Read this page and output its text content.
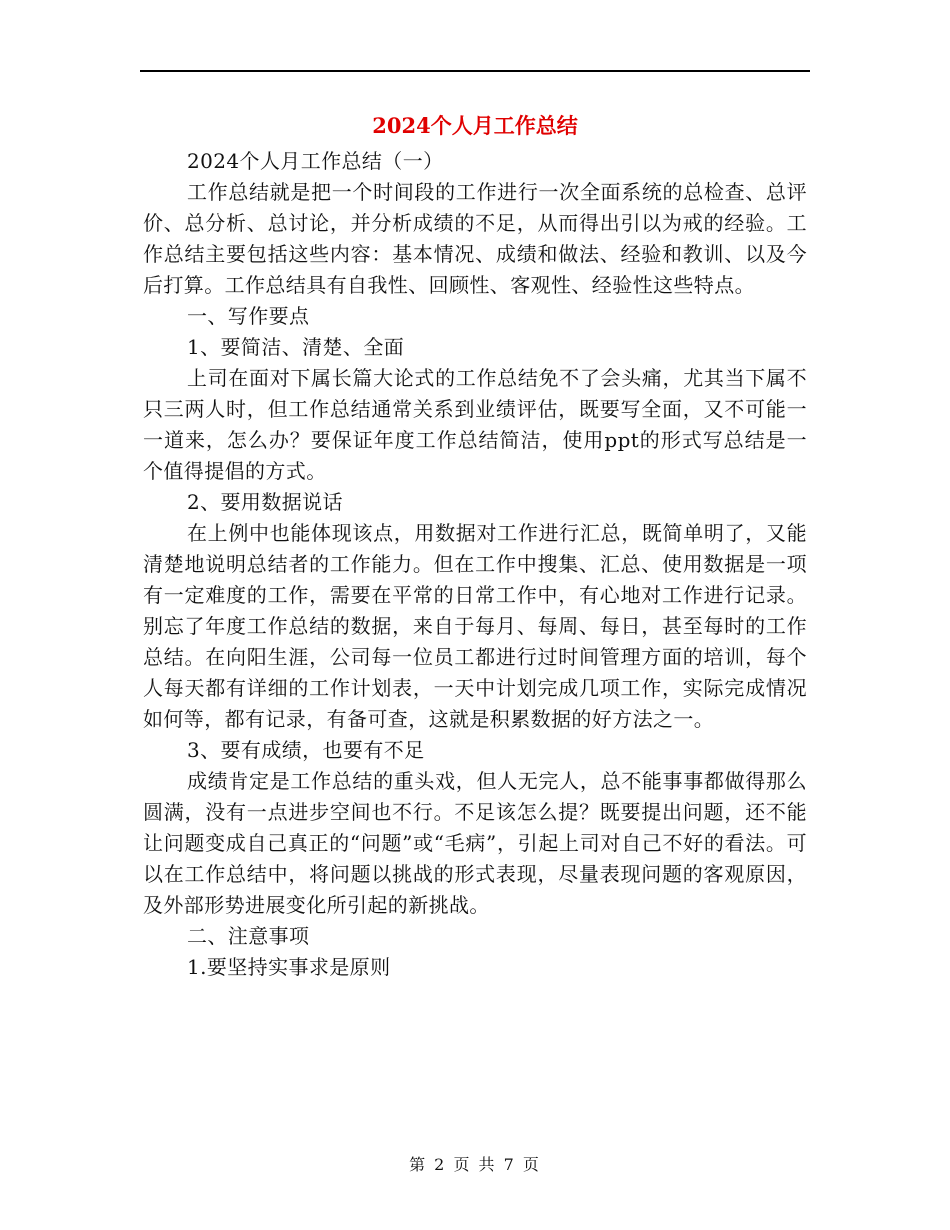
2024个人月工作总结

2024个人月工作总结（一）

工作总结就是把一个时间段的工作进行一次全面系统的总检查、总评价、总分析、总讨论，并分析成绩的不足，从而得出引以为戒的经验。工作总结主要包括这些内容：基本情况、成绩和做法、经验和教训、以及今后打算。工作总结具有自我性、回顾性、客观性、经验性这些特点。

一、写作要点

1、要简洁、清楚、全面

上司在面对下属长篇大论式的工作总结免不了会头痛，尤其当下属不只三两人时，但工作总结通常关系到业绩评估，既要写全面，又不可能一一道来，怎么办？要保证年度工作总结简洁，使用ppt的形式写总结是一个值得提倡的方式。

2、要用数据说话

在上例中也能体现该点，用数据对工作进行汇总，既简单明了，又能清楚地说明总结者的工作能力。但在工作中搜集、汇总、使用数据是一项有一定难度的工作，需要在平常的日常工作中，有心地对工作进行记录。别忘了年度工作总结的数据，来自于每月、每周、每日，甚至每时的工作总结。在向阳生涯，公司每一位员工都进行过时间管理方面的培训，每个人每天都有详细的工作计划表，一天中计划完成几项工作，实际完成情况如何等，都有记录，有备可查，这就是积累数据的好方法之一。

3、要有成绩，也要有不足

成绩肯定是工作总结的重头戏，但人无完人，总不能事事都做得那么圆满，没有一点进步空间也不行。不足该怎么提？既要提出问题，还不能让问题变成自己真正的“问题”或“毛病”，引起上司对自己不好的看法。可以在工作总结中，将问题以挑战的形式表现，尽量表现问题的客观原因，及外部形势进展变化所引起的新挑战。

二、注意事项

1.要坚持实事求是原则

第 2 页 共 7 页
